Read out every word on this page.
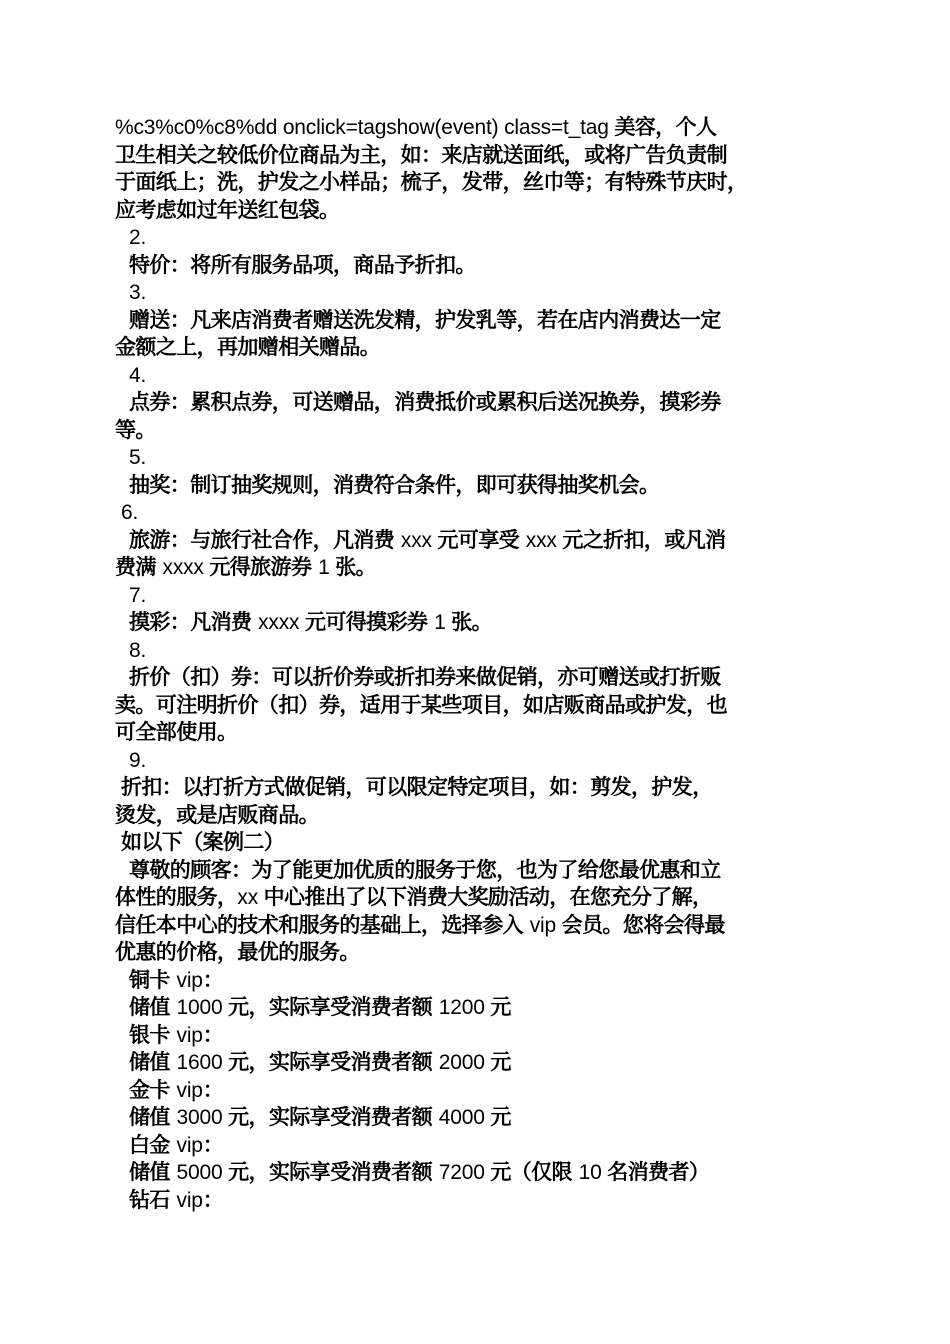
%c3%c0%c8%dd onclick=tagshow(event) class=t_tag 美容，个人
卫生相关之较低价位商品为主，如：来店就送面纸，或将广告负责制
于面纸上；洗，护发之小样品；梳子，发带，丝巾等；有特殊节庆时，
应考虑如过年送红包袋。
2.
特价：将所有服务品项，商品予折扣。
3.
赠送：凡来店消费者赠送洗发精，护发乳等，若在店内消费达一定
金额之上，再加赠相关赠品。
4.
点券：累积点券，可送赠品，消费抵价或累积后送况换券，摸彩券
等。
5.
抽奖：制订抽奖规则，消费符合条件，即可获得抽奖机会。
6.
旅游：与旅行社合作，凡消费 xxx 元可享受 xxx 元之折扣，或凡消
费满 xxxx 元得旅游券 1 张。
7.
摸彩：凡消费 xxxx 元可得摸彩券 1 张。
8.
折价（扣）券：可以折价券或折扣券来做促销，亦可赠送或打折贩
卖。可注明折价（扣）券，适用于某些项目，如店贩商品或护发，也
可全部使用。
9.
折扣：以打折方式做促销，可以限定特定项目，如：剪发，护发，
烫发，或是店贩商品。
如以下（案例二）
尊敬的顾客：为了能更加优质的服务于您，也为了给您最优惠和立
体性的服务，xx 中心推出了以下消费大奖励活动，在您充分了解，
信任本中心的技术和服务的基础上，选择参入 vip 会员。您将会得最
优惠的价格，最优的服务。
铜卡 vip：
储值 1000 元，实际享受消费者额 1200 元
银卡 vip：
储值 1600 元，实际享受消费者额 2000 元
金卡 vip：
储值 3000 元，实际享受消费者额 4000 元
白金 vip：
储值 5000 元，实际享受消费者额 7200 元（仅限 10 名消费者）
钻石 vip：
